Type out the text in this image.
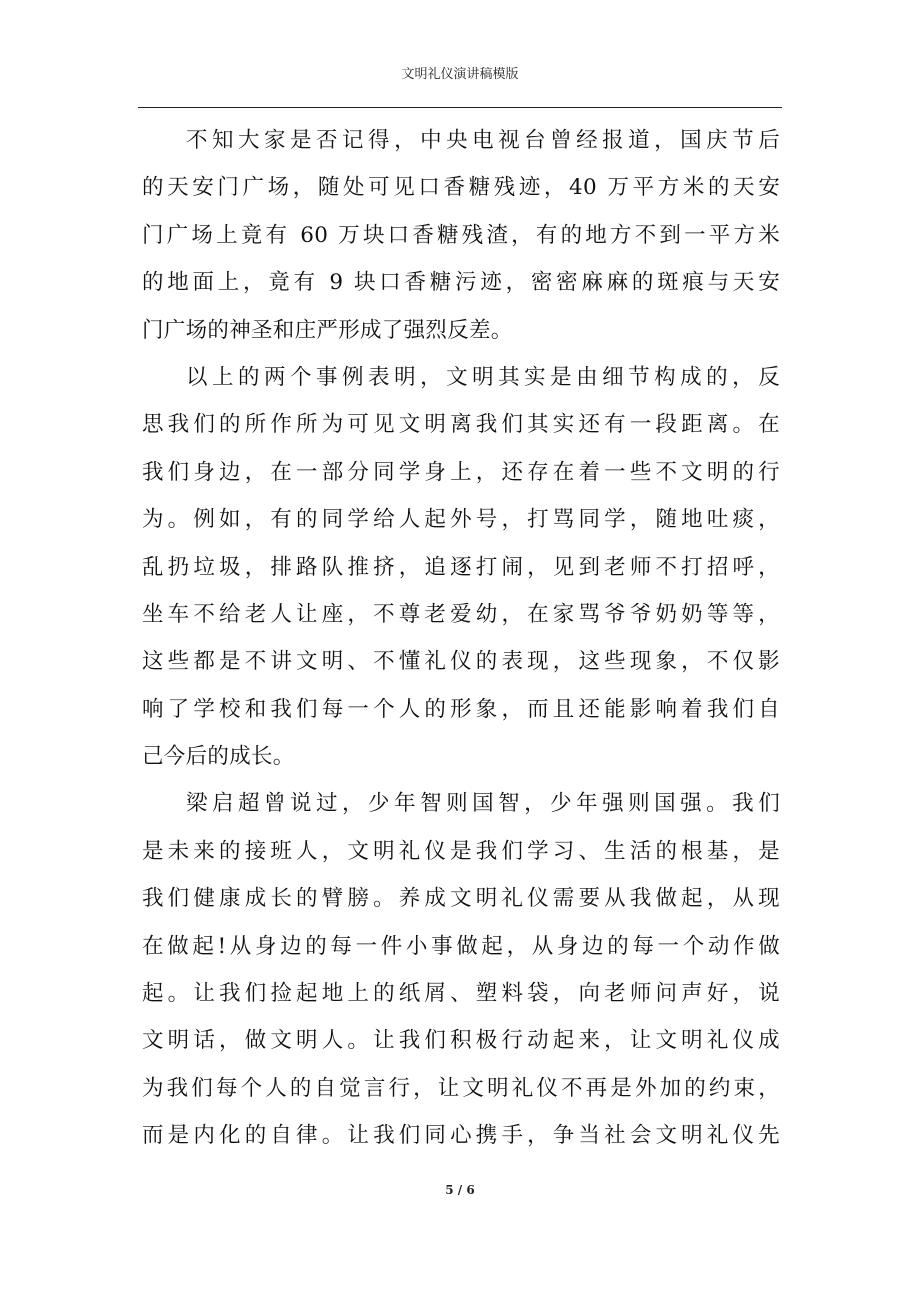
文明礼仪演讲稿模版
不知大家是否记得，中央电视台曾经报道，国庆节后
的天安门广场，随处可见口香糖残迹，40 万平方米的天安
门广场上竟有 60 万块口香糖残渣，有的地方不到一平方米
的地面上，竟有 9 块口香糖污迹，密密麻麻的斑痕与天安
门广场的神圣和庄严形成了强烈反差。
以上的两个事例表明，文明其实是由细节构成的，反
思我们的所作所为可见文明离我们其实还有一段距离。在
我们身边，在一部分同学身上，还存在着一些不文明的行
为。例如，有的同学给人起外号，打骂同学，随地吐痰，
乱扔垃圾，排路队推挤，追逐打闹，见到老师不打招呼，
坐车不给老人让座，不尊老爱幼，在家骂爷爷奶奶等等，
这些都是不讲文明、不懂礼仪的表现，这些现象，不仅影
响了学校和我们每一个人的形象，而且还能影响着我们自
己今后的成长。
梁启超曾说过，少年智则国智，少年强则国强。我们
是未来的接班人，文明礼仪是我们学习、生活的根基，是
我们健康成长的臂膀。养成文明礼仪需要从我做起，从现
在做起!从身边的每一件小事做起，从身边的每一个动作做
起。让我们捡起地上的纸屑、塑料袋，向老师问声好，说
文明话，做文明人。让我们积极行动起来，让文明礼仪成
为我们每个人的自觉言行，让文明礼仪不再是外加的约束，
而是内化的自律。让我们同心携手，争当社会文明礼仪先
5 / 6
